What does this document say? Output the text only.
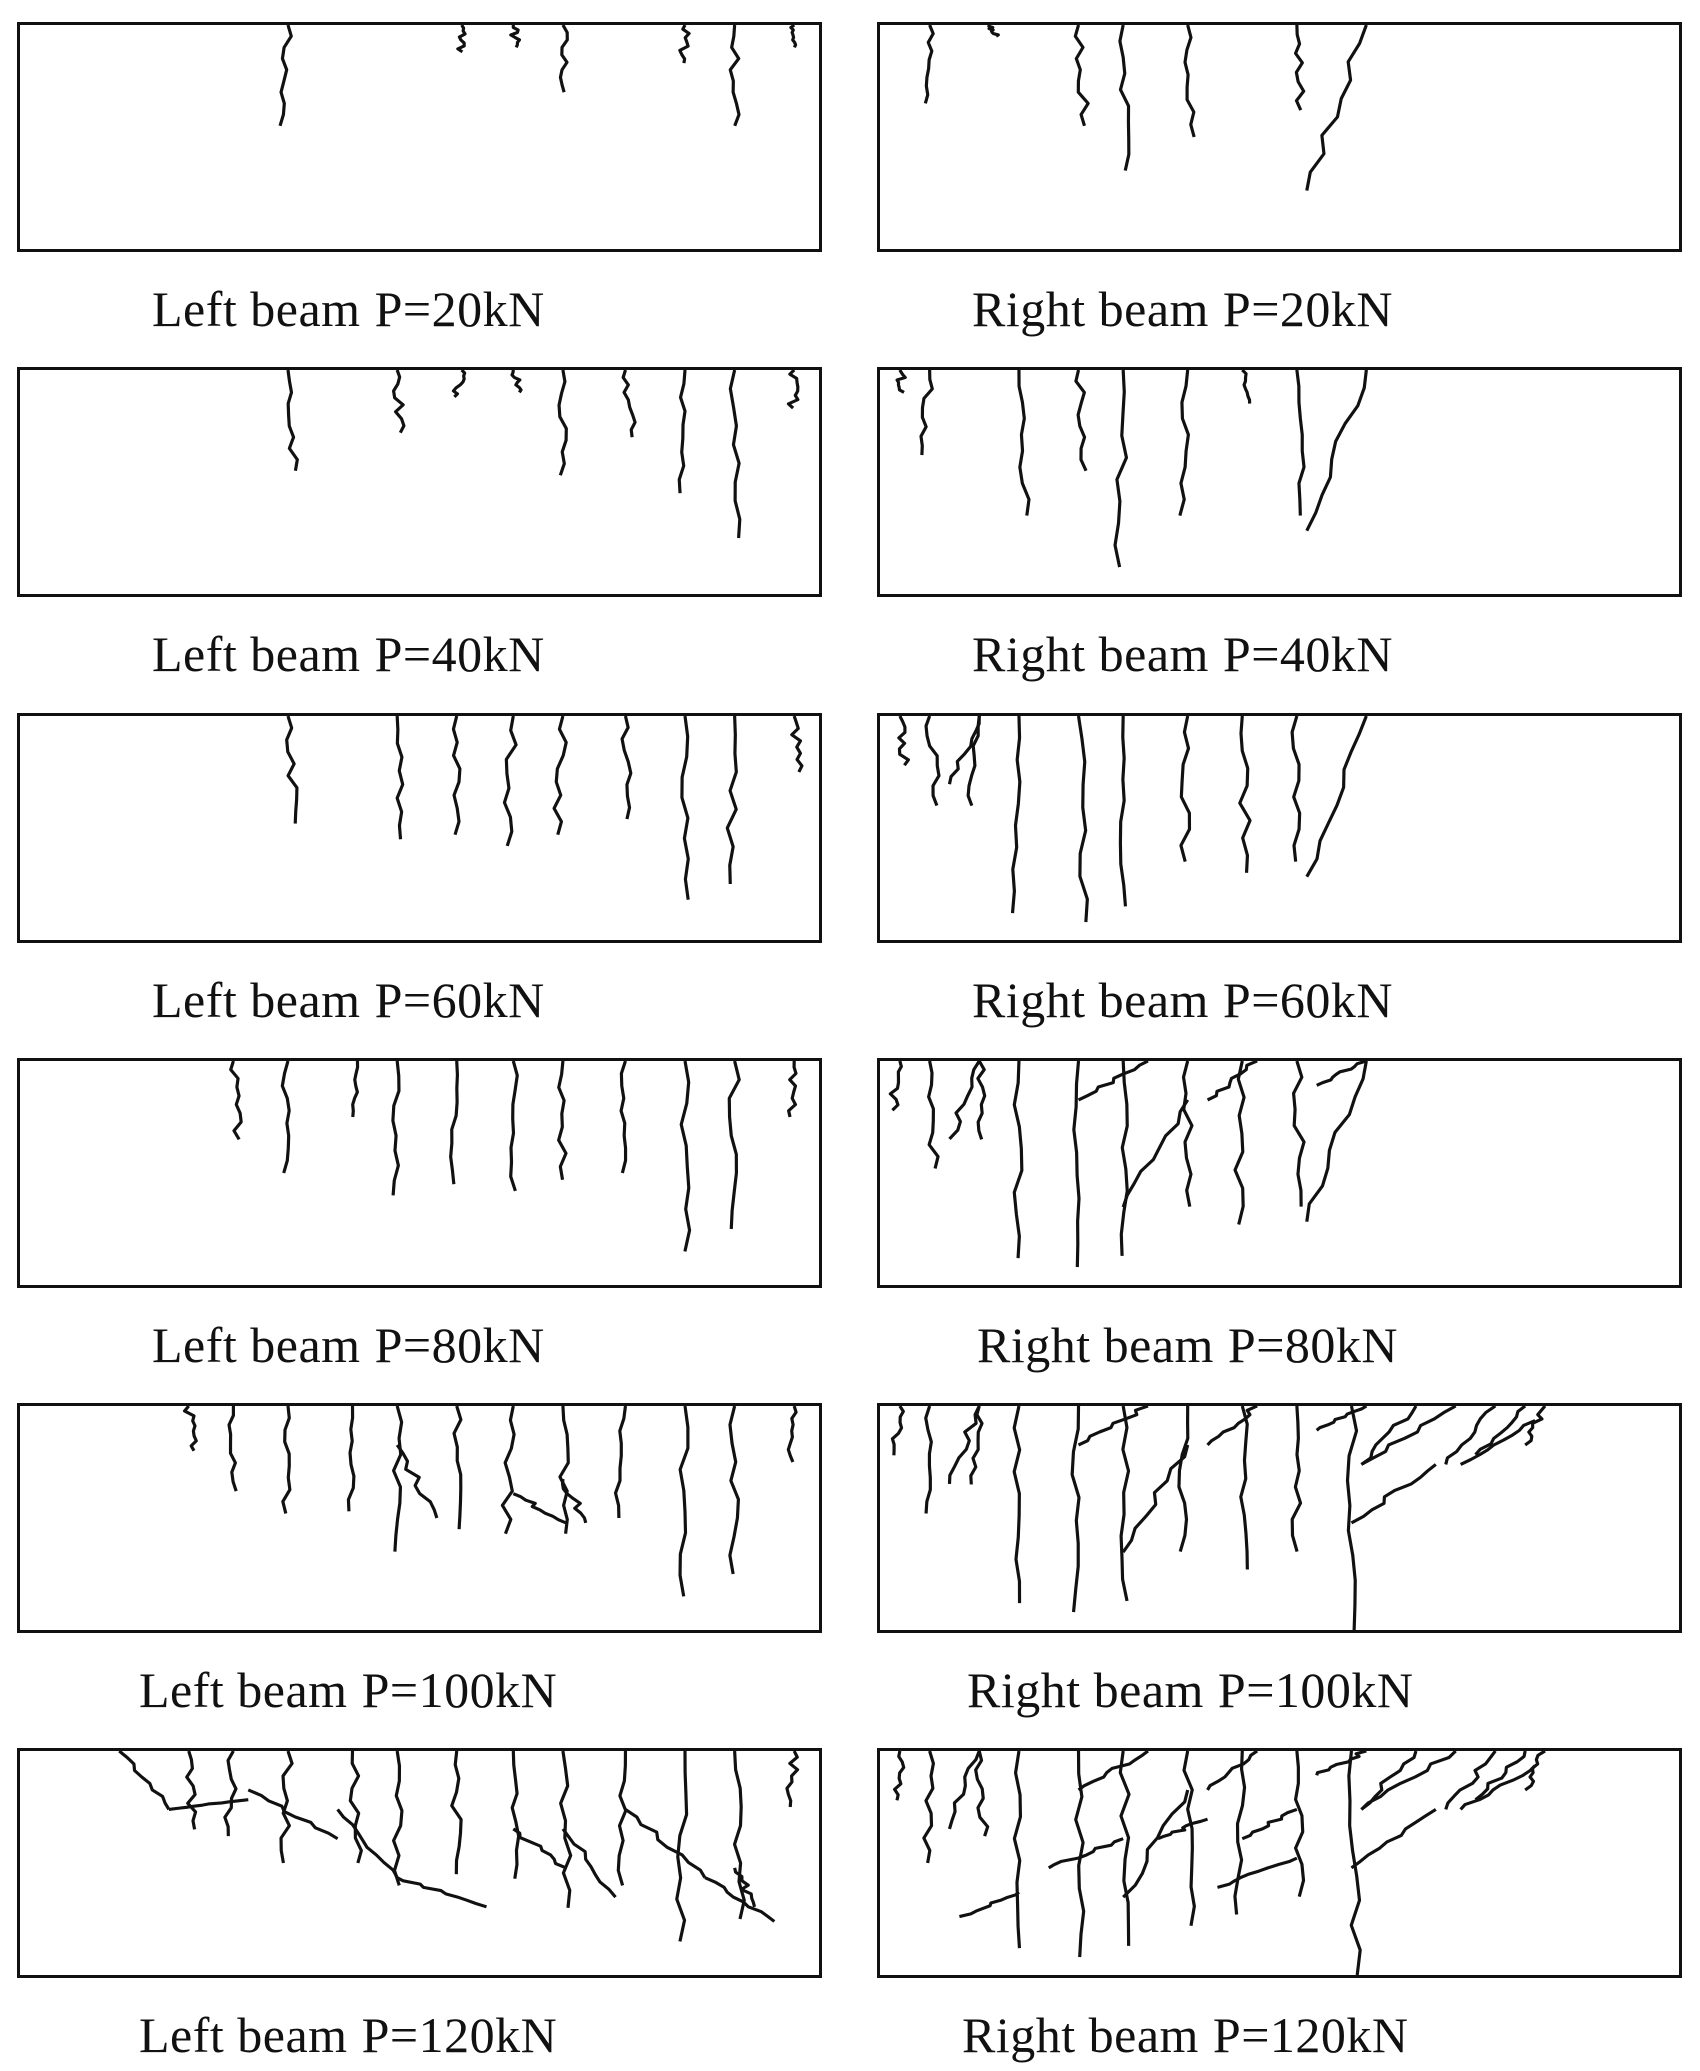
Left beam P=20kN	Right beam P=20kN
Left beam P=40kN	Right beam P=40kN
Left beam P=60kN	Right beam P=60kN
Left beam P=80kN	Right beam P=80kN
Left beam P=100kN	Right beam P=100kN
Left beam P=120kN	Right beam P=120kN
